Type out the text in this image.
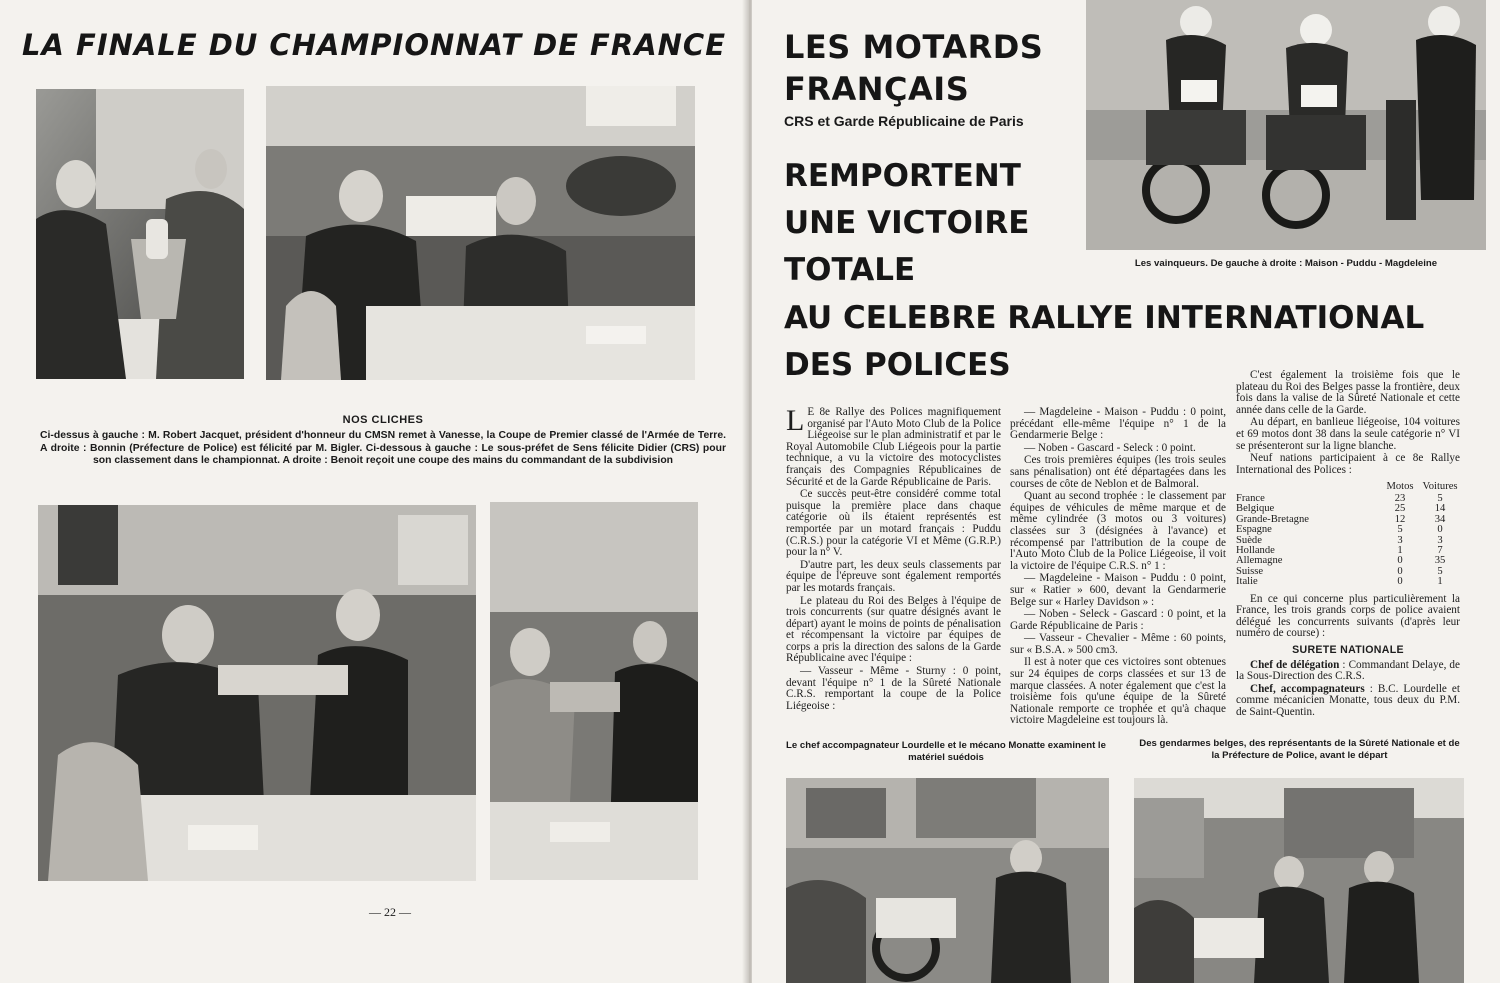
LA FINALE DU CHAMPIONNAT DE FRANCE
NOS CLICHES
Ci-dessus à gauche : M. Robert Jacquet, président d'honneur du CMSN remet à Vanesse, la Coupe de Premier classé de l'Armée de Terre. A droite : Bonnin (Préfecture de Police) est félicité par M. Bigler. Ci-dessous à gauche : Le sous-préfet de Sens félicite Didier (CRS) pour son classement dans le championnat. A droite : Benoit reçoit une coupe des mains du commandant de la subdivision
— 22 —
LES MOTARDS
FRANÇAIS
CRS et Garde Républicaine de Paris
REMPORTENT
UNE VICTOIRE
TOTALE
AU CELEBRE RALLYE INTERNATIONAL
DES POLICES
Les vainqueurs. De gauche à droite : Maison - Puddu - Magdeleine

L E 8e Rallye des Polices magnifiquement organisé par l'Auto Moto Club de la Police Liégeoise sur le plan administratif et par le Royal Automobile Club Liégeois pour la partie technique, a vu la victoire des motocyclistes français des Compagnies Républicaines de Sécurité et de la Garde Républicaine de Paris.

Ce succès peut-être considéré comme total puisque la première place dans chaque catégorie où ils étaient représentés est remportée par un motard français : Puddu (C.R.S.) pour la catégorie VI et Même (G.R.P.) pour la n° V.

D'autre part, les deux seuls classements par équipe de l'épreuve sont également remportés par les motards français.

Le plateau du Roi des Belges à l'équipe de trois concurrents (sur quatre désignés avant le départ) ayant le moins de points de pénalisation et récompensant la victoire par équipes de corps a pris la direction des salons de la Garde Républicaine avec l'équipe :

— Vasseur - Même - Sturny : 0 point, devant l'équipe n° 1 de la Sûreté Nationale C.R.S. remportant la coupe de la Police Liégeoise :

— Magdeleine - Maison - Puddu : 0 point, précédant elle-même l'équipe n° 1 de la Gendarmerie Belge :

— Noben - Gascard - Seleck : 0 point.

Ces trois premières équipes (les trois seules sans pénalisation) ont été départagées dans les courses de côte de Neblon et de Balmoral.

Quant au second trophée : le classement par équipes de véhicules de même marque et de même cylindrée (3 motos ou 3 voitures) classées sur 3 (désignées à l'avance) et récompensé par l'attribution de la coupe de l'Auto Moto Club de la Police Liégeoise, il voit la victoire de l'équipe C.R.S. n° 1 :

— Magdeleine - Maison - Puddu : 0 point, sur « Ratier » 600, devant la Gendarmerie Belge sur « Harley Davidson » :

— Noben - Seleck - Gascard : 0 point, et la Garde Républicaine de Paris :

— Vasseur - Chevalier - Même : 60 points, sur « B.S.A. » 500 cm3.

Il est à noter que ces victoires sont obtenues sur 24 équipes de corps classées et sur 13 de marque classées. A noter également que c'est la troisième fois qu'une équipe de la Sûreté Nationale remporte ce trophée et qu'à chaque victoire Magdeleine est toujours là.

C'est également la troisième fois que le plateau du Roi des Belges passe la frontière, deux fois dans la valise de la Sûreté Nationale et cette année dans celle de la Garde.

Au départ, en banlieue liégeoise, 104 voitures et 69 motos dont 38 dans la seule catégorie n° VI se présenteront sur la ligne blanche.

Neuf nations participaient à ce 8e Rallye International des Polices :

	Motos	Voitures
France	23	5
Belgique	25	14
Grande-Bretagne	12	34
Espagne	5	0
Suède	3	3
Hollande	1	7
Allemagne	0	35
Suisse	0	5
Italie	0	1

En ce qui concerne plus particulièrement la France, les trois grands corps de police avaient délégué les concurrents suivants (d'après leur numéro de course) :

SURETE NATIONALE

Chef de délégation : Commandant Delaye, de la Sous-Direction des C.R.S.

Chef, accompagnateurs : B.C. Lourdelle et comme mécanicien Monatte, tous deux du P.M. de Saint-Quentin.

Le chef accompagnateur Lourdelle et le mécano Monatte examinent le matériel suédois
Des gendarmes belges, des représentants de la Sûreté Nationale et de la Préfecture de Police, avant le départ
